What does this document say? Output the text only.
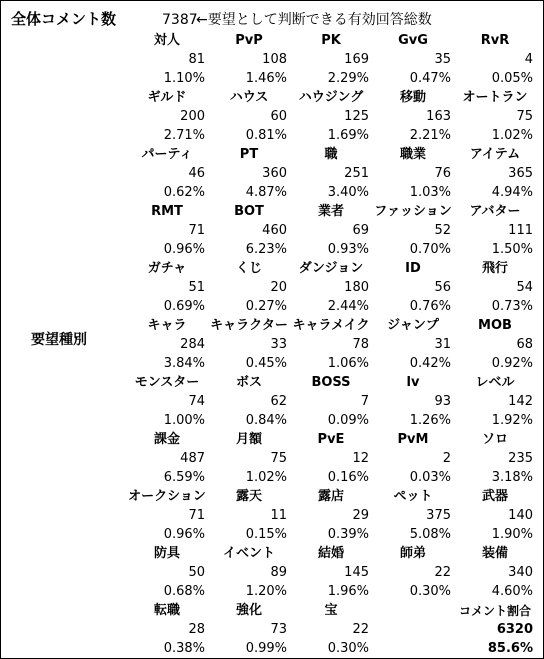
全体コメント数	7387
←要望として判断できる有効回答総数
要望種別
対人
81
1.10%
PvP
108
1.46%
PK
169
2.29%
GvG
35
0.47%
RvR
4
0.05%
ギルド
200
2.71%
ハウス
60
0.81%
ハウジング
125
1.69%
移動
163
2.21%
オートラン
75
1.02%
パーティ
46
0.62%
PT
360
4.87%
職
251
3.40%
職業
76
1.03%
アイテム
365
4.94%
RMT
71
0.96%
BOT
460
6.23%
業者
69
0.93%
ファッション
52
0.70%
アバター
111
1.50%
ガチャ
51
0.69%
くじ
20
0.27%
ダンジョン
180
2.44%
ID
56
0.76%
飛行
54
0.73%
キャラ
284
3.84%
キャラクター
33
0.45%
キャラメイク
78
1.06%
ジャンプ
31
0.42%
MOB
68
0.92%
モンスター
74
1.00%
ボス
62
0.84%
BOSS
7
0.09%
lv
93
1.26%
レベル
142
1.92%
課金
487
6.59%
月額
75
1.02%
PvE
12
0.16%
PvM
2
0.03%
ソロ
235
3.18%
オークション
71
0.96%
露天
11
0.15%
露店
29
0.39%
ペット
375
5.08%
武器
140
1.90%
防具
50
0.68%
イベント
89
1.20%
結婚
145
1.96%
師弟
22
0.30%
装備
340
4.60%
転職
28
0.38%
強化
73
0.99%
宝
22
0.30%
コメント割合
6320
85.6%
